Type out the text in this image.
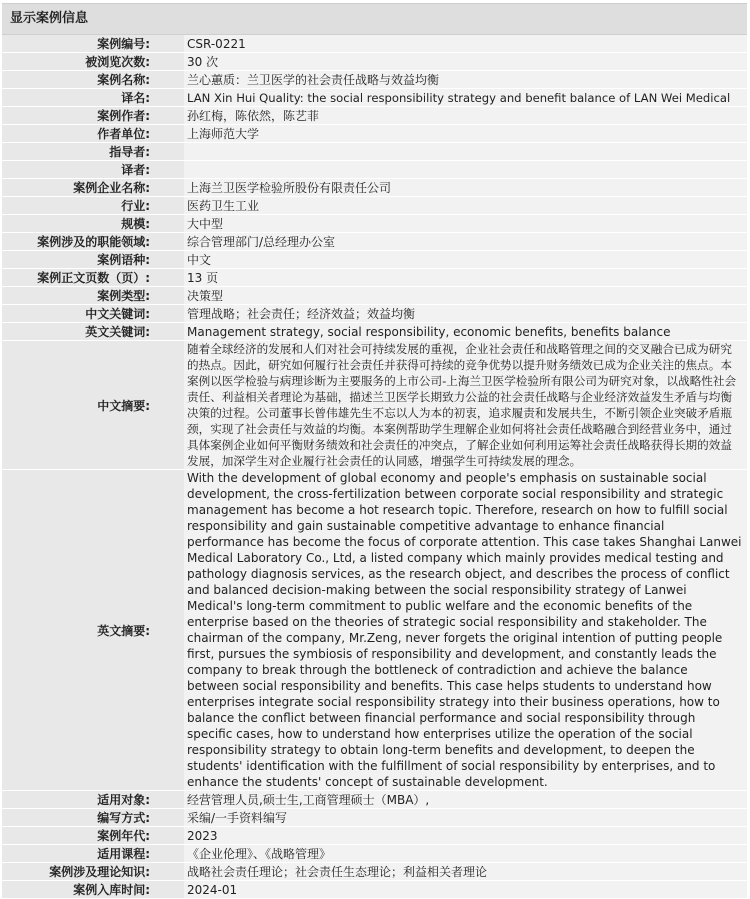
显示案例信息
案例编号:	CSR-0221
被浏览次数:	30 次
案例名称:	兰心蕙质：兰卫医学的社会责任战略与效益均衡
译名:	LAN Xin Hui Quality: the social responsibility strategy and benefit balance of LAN Wei Medical
案例作者:	孙红梅，陈依然，陈艺菲
作者单位:	上海师范大学
指导者:	
译者:	
案例企业名称:	上海兰卫医学检验所股份有限责任公司
行业:	医药卫生工业
规模:	大中型
案例涉及的职能领域:	综合管理部门/总经理办公室
案例语种:	中文
案例正文页数（页）:	13 页
案例类型:	决策型
中文关键词:	管理战略；社会责任；经济效益；效益均衡
英文关键词:	Management strategy, social responsibility, economic benefits, benefits balance
中文摘要:	随着全球经济的发展和人们对社会可持续发展的重视，企业社会责任和战略管理之间的交叉融合已成为研究的热点。因此，研究如何履行社会责任并获得可持续的竞争优势以提升财务绩效已成为企业关注的焦点。本案例以医学检验与病理诊断为主要服务的上市公司-上海兰卫医学检验所有限公司为研究对象，以战略性社会责任、利益相关者理论为基础，描述兰卫医学长期致力公益的社会责任战略与企业经济效益发生矛盾与均衡决策的过程。公司董事长曾伟雄先生不忘以人为本的初衷，追求履责和发展共生，不断引领企业突破矛盾瓶颈，实现了社会责任与效益的均衡。本案例帮助学生理解企业如何将社会责任战略融合到经营业务中，通过具体案例企业如何平衡财务绩效和社会责任的冲突点，了解企业如何利用运筹社会责任战略获得长期的效益发展，加深学生对企业履行社会责任的认同感，增强学生可持续发展的理念。
英文摘要:	With the development of global economy and people's emphasis on sustainable social development, the cross-fertilization between corporate social responsibility and strategic management has become a hot research topic. Therefore, research on how to fulfill social responsibility and gain sustainable competitive advantage to enhance financial performance has become the focus of corporate attention. This case takes Shanghai Lanwei Medical Laboratory Co., Ltd, a listed company which mainly provides medical testing and pathology diagnosis services, as the research object, and describes the process of conflict and balanced decision-making between the social responsibility strategy of Lanwei Medical's long-term commitment to public welfare and the economic benefits of the enterprise based on the theories of strategic social responsibility and stakeholder. The chairman of the company, Mr.Zeng, never forgets the original intention of putting people first, pursues the symbiosis of responsibility and development, and constantly leads the company to break through the bottleneck of contradiction and achieve the balance between social responsibility and benefits. This case helps students to understand how enterprises integrate social responsibility strategy into their business operations, how to balance the conflict between financial performance and social responsibility through specific cases, how to understand how enterprises utilize the operation of the social responsibility strategy to obtain long-term benefits and development, to deepen the students' identification with the fulfillment of social responsibility by enterprises, and to enhance the students' concept of sustainable development.
适用对象:	经营管理人员,硕士生,工商管理硕士（MBA）,
编写方式:	采编/一手资料编写
案例年代:	2023
适用课程:	《企业伦理》、《战略管理》
案例涉及理论知识:	战略社会责任理论；社会责任生态理论；利益相关者理论
案例入库时间:	2024-01
